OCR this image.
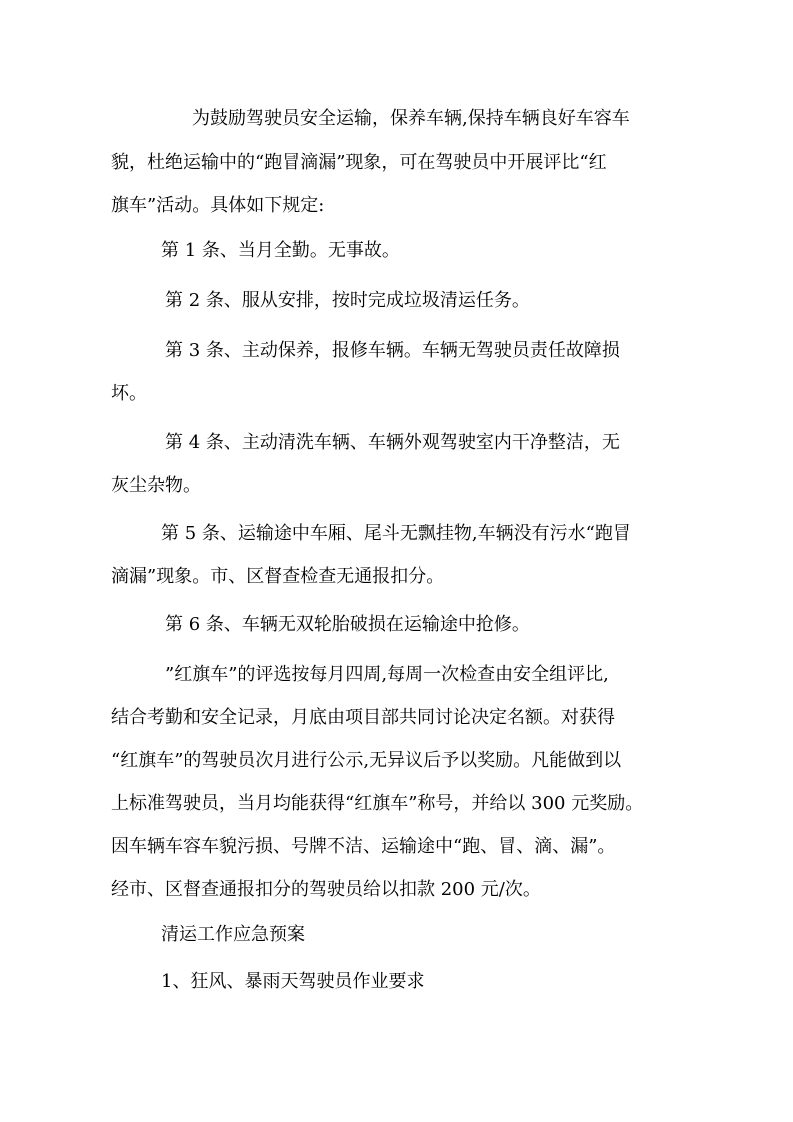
为鼓励驾驶员安全运输，保养车辆,保持车辆良好车容车
貌，杜绝运输中的“跑冒滴漏”现象，可在驾驶员中开展评比“红
旗车”活动。具体如下规定:
第 1 条、当月全勤。无事故。
第 2 条、服从安排，按时完成垃圾清运任务。
第 3 条、主动保养，报修车辆。车辆无驾驶员责任故障损
坏。
第 4 条、主动清洗车辆、车辆外观驾驶室内干净整洁，无
灰尘杂物。
第 5 条、运输途中车厢、尾斗无飘挂物,车辆没有污水“跑冒
滴漏”现象。市、区督查检查无通报扣分。
第 6 条、车辆无双轮胎破损在运输途中抢修。
”红旗车”的评选按每月四周,每周一次检查由安全组评比,
结合考勤和安全记录，月底由项目部共同讨论决定名额。对获得
“红旗车”的驾驶员次月进行公示,无异议后予以奖励。凡能做到以
上标准驾驶员，当月均能获得“红旗车”称号，并给以 300 元奖励。
因车辆车容车貌污损、号牌不洁、运输途中“跑、冒、滴、漏”。
经市、区督查通报扣分的驾驶员给以扣款 200 元/次。
清运工作应急预案
1、狂风、暴雨天驾驶员作业要求
